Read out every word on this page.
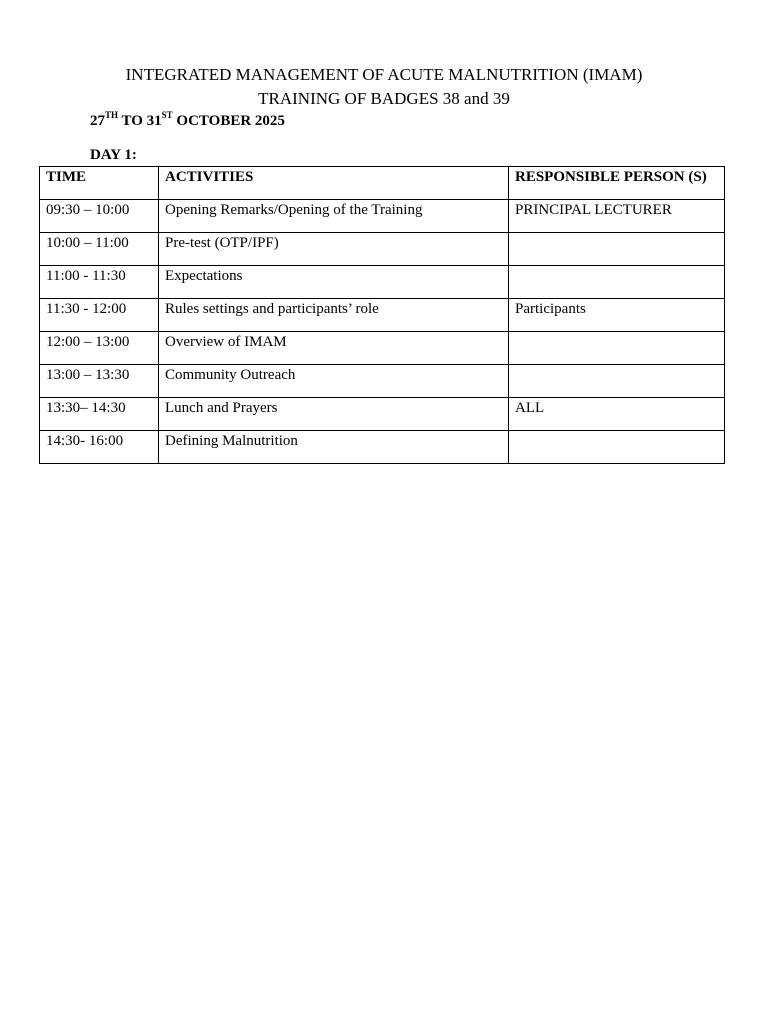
INTEGRATED MANAGEMENT OF ACUTE MALNUTRITION (IMAM)
TRAINING OF BADGES 38 and 39
27TH TO 31ST OCTOBER 2025
DAY 1:
TIME	ACTIVITIES	RESPONSIBLE PERSON (S)

09:30 – 10:00	Opening Remarks/Opening of the Training	PRINCIPAL LECTURER

10:00 – 11:00	Pre-test (OTP/IPF)	

11:00 - 11:30	Expectations	

11:30 - 12:00	Rules settings and participants’ role	Participants

12:00 – 13:00	Overview of IMAM	

13:00 – 13:30	Community Outreach	

13:30– 14:30	Lunch and Prayers	ALL

14:30- 16:00	Defining Malnutrition	
